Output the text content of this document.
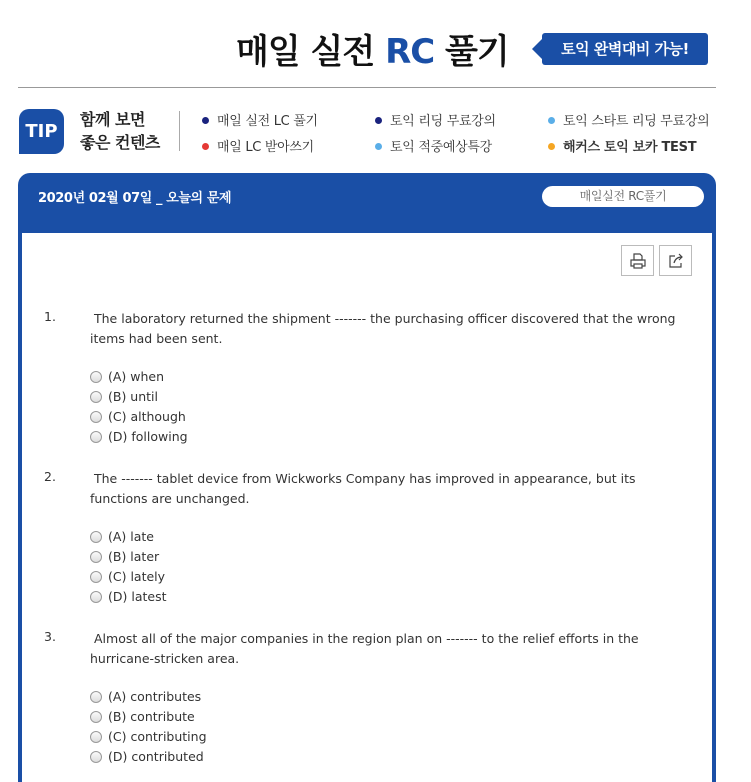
매일 실전 RC 풀기	토익 완벽대비 가능!
TIP
함께 보면
좋은 컨텐츠
매일 실전 LC 풀기	토익 리딩 무료강의	토익 스타트 리딩 무료강의
매일 LC 받아쓰기	토익 적중예상특강	해커스 토익 보카 TEST
2020년 02월 07일 _ 오늘의 문제	매일실전 RC풀기
1.	The laboratory returned the shipment ------- the purchasing officer discovered that the wrong items had been sent.
(A) when
(B) until
(C) although
(D) following
2.	The ------- tablet device from Wickworks Company has improved in appearance, but its functions are unchanged.
(A) late
(B) later
(C) lately
(D) latest
3.	Almost all of the major companies in the region plan on ------- to the relief efforts in the hurricane-stricken area.
(A) contributes
(B) contribute
(C) contributing
(D) contributed
